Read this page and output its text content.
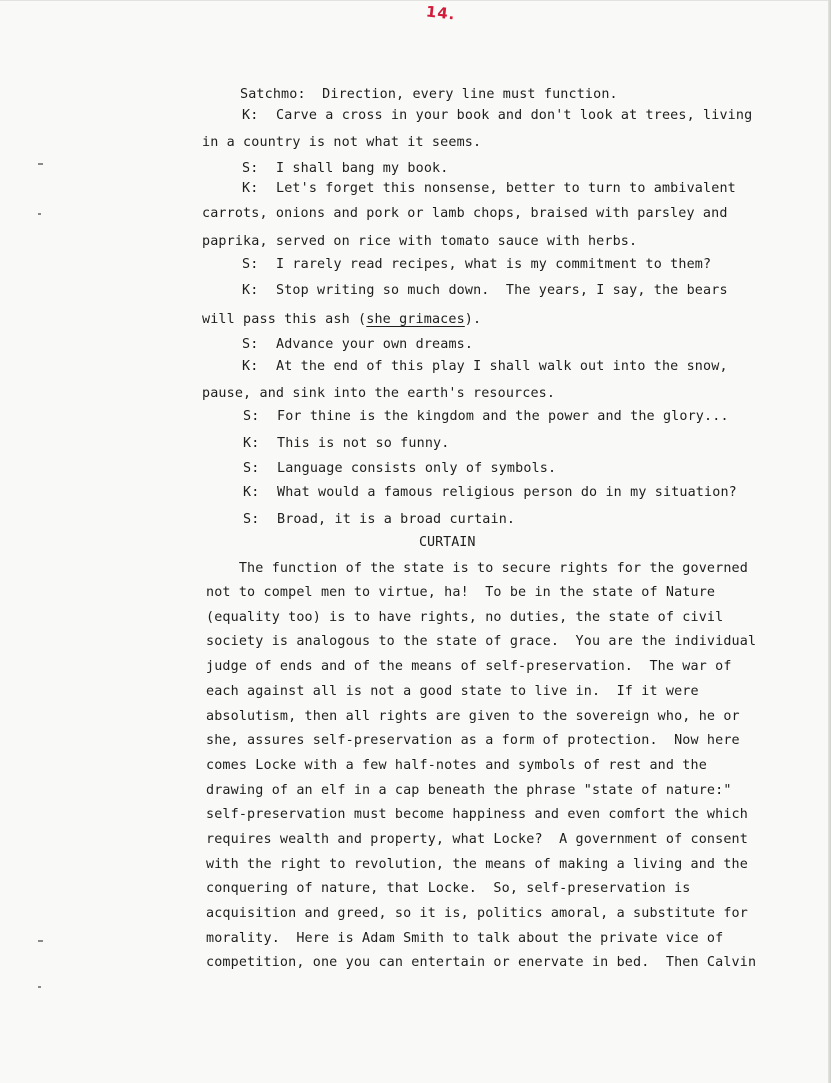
14.
Satchmo: Direction, every line must function.
K: Carve a cross in your book and don't look at trees, living
in a country is not what it seems.
S: I shall bang my book.
K: Let's forget this nonsense, better to turn to ambivalent
carrots, onions and pork or lamb chops, braised with parsley and
paprika, served on rice with tomato sauce with herbs.
S: I rarely read recipes, what is my commitment to them?
K: Stop writing so much down.  The years, I say, the bears
will pass this ash (she grimaces).
S: Advance your own dreams.
K: At the end of this play I shall walk out into the snow,
pause, and sink into the earth's resources.
S: For thine is the kingdom and the power and the glory...
K: This is not so funny.
S: Language consists only of symbols.
K: What would a famous religious person do in my situation?
S: Broad, it is a broad curtain.
CURTAIN
The function of the state is to secure rights for the governed
not to compel men to virtue, ha!  To be in the state of Nature
(equality too) is to have rights, no duties, the state of civil
society is analogous to the state of grace.  You are the individual
judge of ends and of the means of self-preservation.  The war of
each against all is not a good state to live in.  If it were
absolutism, then all rights are given to the sovereign who, he or
she, assures self-preservation as a form of protection.  Now here
comes Locke with a few half-notes and symbols of rest and the
drawing of an elf in a cap beneath the phrase "state of nature:"
self-preservation must become happiness and even comfort the which
requires wealth and property, what Locke?  A government of consent
with the right to revolution, the means of making a living and the
conquering of nature, that Locke.  So, self-preservation is
acquisition and greed, so it is, politics amoral, a substitute for
morality.  Here is Adam Smith to talk about the private vice of
competition, one you can entertain or enervate in bed.  Then Calvin
